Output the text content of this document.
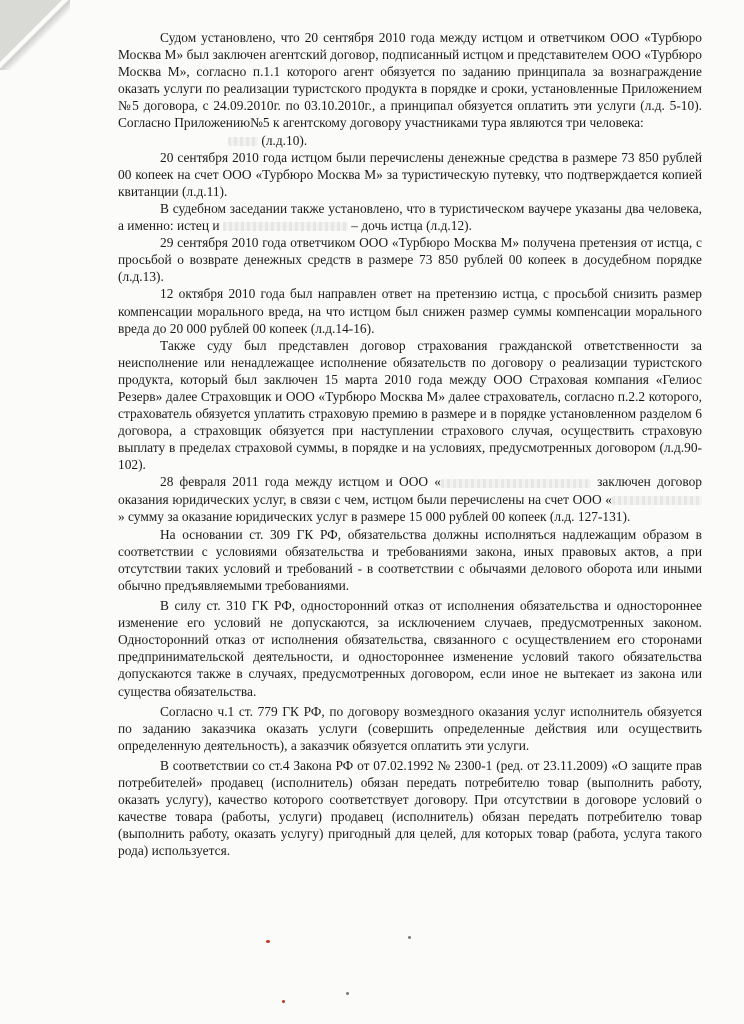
Судом установлено, что 20 сентября 2010 года между истцом и ответчиком ООО «Турбюро Москва М» был заключен агентский договор, подписанный истцом и представителем ООО «Турбюро Москва М», согласно п.1.1 которого агент обязуется по заданию принципала за вознаграждение оказать услуги по реализации туристского продукта в порядке и сроки, установленные Приложением №5 договора, с 24.09.2010г. по 03.10.2010г., а принципал обязуется оплатить эти услуги (л.д. 5-10). Согласно Приложению№5 к агентскому договору участниками тура являются три человека:

(л.д.10).

20 сентября 2010 года истцом были перечислены денежные средства в размере 73 850 рублей 00 копеек на счет ООО «Турбюро Москва М» за туристическую путевку, что подтверждается копией квитанции (л.д.11).

В судебном заседании также установлено, что в туристическом ваучере указаны два человека, а именно: истец и	– дочь истца (л.д.12).

29 сентября 2010 года ответчиком ООО «Турбюро Москва М» получена претензия от истца, с просьбой о возврате денежных средств в размере 73 850 рублей 00 копеек в досудебном порядке (л.д.13).

12 октября 2010 года был направлен ответ на претензию истца, с просьбой снизить размер компенсации морального вреда, на что истцом был снижен размер суммы компенсации морального вреда до 20 000 рублей 00 копеек (л.д.14-16).

Также суду был представлен договор страхования гражданской ответственности за неисполнение или ненадлежащее исполнение обязательств по договору о реализации туристского продукта, который был заключен 15 марта 2010 года между ООО Страховая компания «Гелиос Резерв» далее Страховщик и ООО «Турбюро Москва М» далее страхователь, согласно п.2.2 которого, страхователь обязуется уплатить страховую премию в размере и в порядке установленном разделом 6 договора, а страховщик обязуется при наступлении страхового случая, осуществить страховую выплату в пределах страховой суммы, в порядке и на условиях, предусмотренных договором (л.д.90-102).

28 февраля 2011 года между истцом и ООО «	заключен договор оказания юридических услуг, в связи с чем, истцом были перечислены на счет ООО «» сумму за оказание юридических услуг в размере 15 000 рублей 00 копеек (л.д. 127-131).

На основании ст. 309 ГК РФ, обязательства должны исполняться надлежащим образом в соответствии с условиями обязательства и требованиями закона, иных правовых актов, а при отсутствии таких условий и требований - в соответствии с обычаями делового оборота или иными обычно предъявляемыми требованиями.

В силу ст. 310 ГК РФ, односторонний отказ от исполнения обязательства и одностороннее изменение его условий не допускаются, за исключением случаев, предусмотренных законом. Односторонний отказ от исполнения обязательства, связанного с осуществлением его сторонами предпринимательской деятельности, и одностороннее изменение условий такого обязательства допускаются также в случаях, предусмотренных договором, если иное не вытекает из закона или существа обязательства.

Согласно ч.1 ст. 779 ГК РФ, по договору возмездного оказания услуг исполнитель обязуется по заданию заказчика оказать услуги (совершить определенные действия или осуществить определенную деятельность), а заказчик обязуется оплатить эти услуги.

В соответствии со ст.4 Закона РФ от 07.02.1992 № 2300-1 (ред. от 23.11.2009) «О защите прав потребителей» продавец (исполнитель) обязан передать потребителю товар (выполнить работу, оказать услугу), качество которого соответствует договору. При отсутствии в договоре условий о качестве товара (работы, услуги) продавец (исполнитель) обязан передать потребителю товар (выполнить работу, оказать услугу) пригодный для целей, для которых товар (работа, услуга такого рода) используется.
